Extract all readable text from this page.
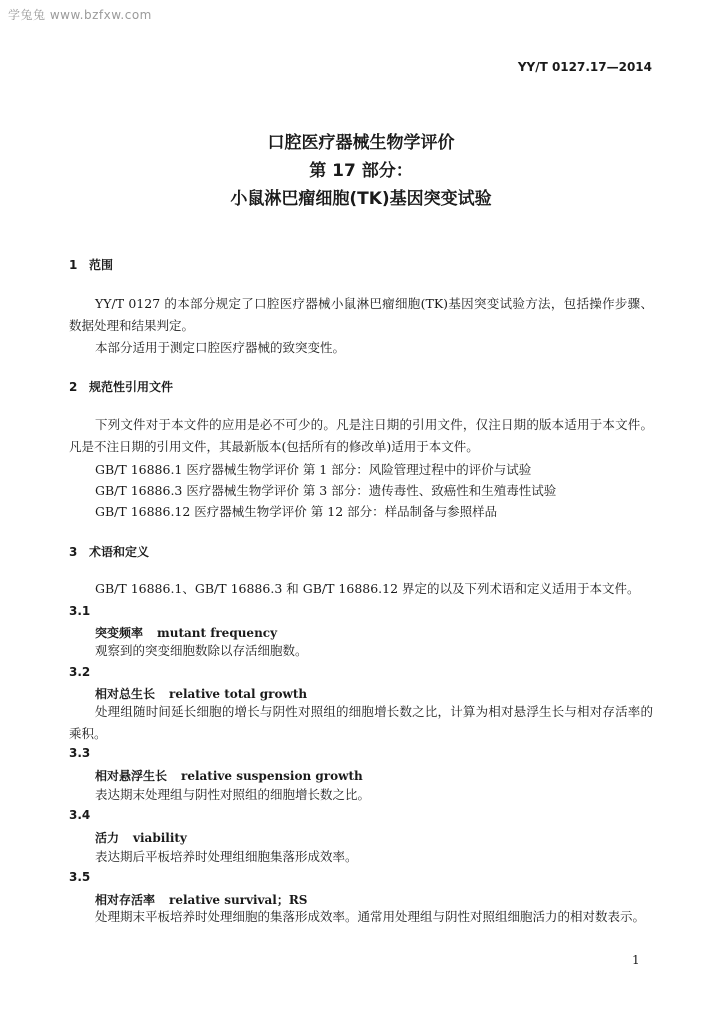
学兔兔 www.bzfxw.com
YY/T 0127.17—2014
口腔医疗器械生物学评价
第 17 部分：
小鼠淋巴瘤细胞(TK)基因突变试验
1 范围
YY/T 0127 的本部分规定了口腔医疗器械小鼠淋巴瘤细胞(TK)基因突变试验方法，包括操作步骤、数据处理和结果判定。
本部分适用于测定口腔医疗器械的致突变性。
2 规范性引用文件
下列文件对于本文件的应用是必不可少的。凡是注日期的引用文件，仅注日期的版本适用于本文件。凡是不注日期的引用文件，其最新版本(包括所有的修改单)适用于本文件。
GB/T 16886.1 医疗器械生物学评价 第 1 部分：风险管理过程中的评价与试验
GB/T 16886.3 医疗器械生物学评价 第 3 部分：遗传毒性、致癌性和生殖毒性试验
GB/T 16886.12 医疗器械生物学评价 第 12 部分：样品制备与参照样品
3 术语和定义
GB/T 16886.1、GB/T 16886.3 和 GB/T 16886.12 界定的以及下列术语和定义适用于本文件。
3.1
突变频率 mutant frequency
观察到的突变细胞数除以存活细胞数。
3.2
相对总生长 relative total growth
处理组随时间延长细胞的增长与阴性对照组的细胞增长数之比，计算为相对悬浮生长与相对存活率的乘积。
3.3
相对悬浮生长 relative suspension growth
表达期末处理组与阴性对照组的细胞增长数之比。
3.4
活力 viability
表达期后平板培养时处理组细胞集落形成效率。
3.5
相对存活率 relative survival；RS
处理期末平板培养时处理细胞的集落形成效率。通常用处理组与阴性对照组细胞活力的相对数表示。
1
